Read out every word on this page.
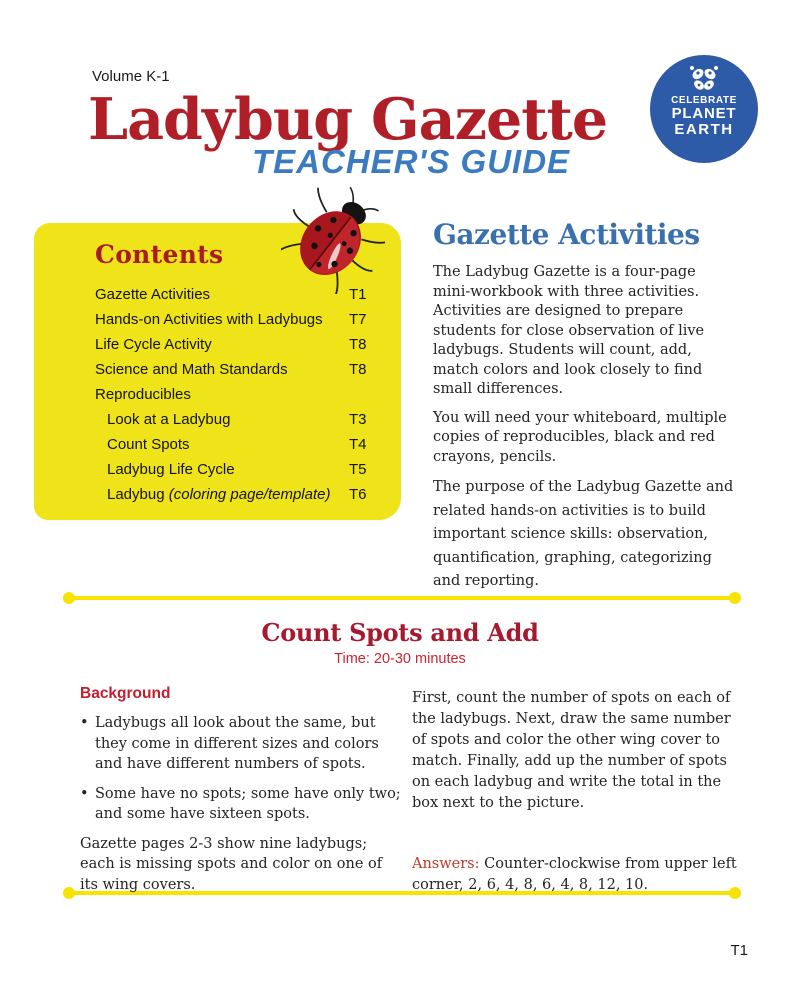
Volume K-1
Ladybug Gazette
TEACHER'S GUIDE
CELEBRATE
PLANET
EARTH
Contents
Gazette Activities	T1
Hands-on Activities with Ladybugs	T7
Life Cycle Activity	T8
Science and Math Standards	T8
Reproducibles
Look at a Ladybug	T3
Count Spots	T4
Ladybug Life Cycle	T5
Ladybug (coloring page/template)	T6
Gazette Activities

The Ladybug Gazette is a four-page mini-workbook with three activities. Activities are designed to prepare students for close observation of live ladybugs. Students will count, add, match colors and look closely to find small differences.

You will need your whiteboard, multiple copies of reproducibles, black and red crayons, pencils.

The purpose of the Ladybug Gazette and related hands-on activities is to build important science skills: observation, quantification, graphing, categorizing and reporting.

Count Spots and Add
Time: 20-30 minutes
Background
• Ladybugs all look about the same, but they come in different sizes and colors and have different numbers of spots.
• Some have no spots; some have only two; and some have sixteen spots.

Gazette pages 2-3 show nine ladybugs; each is missing spots and color on one of its wing covers.

First, count the number of spots on each of the ladybugs. Next, draw the same number of spots and color the other wing cover to match. Finally, add up the number of spots on each ladybug and write the total in the box next to the picture.

Answers: Counter-clockwise from upper left corner, 2, 6, 4, 8, 6, 4, 8, 12, 10.

T1
